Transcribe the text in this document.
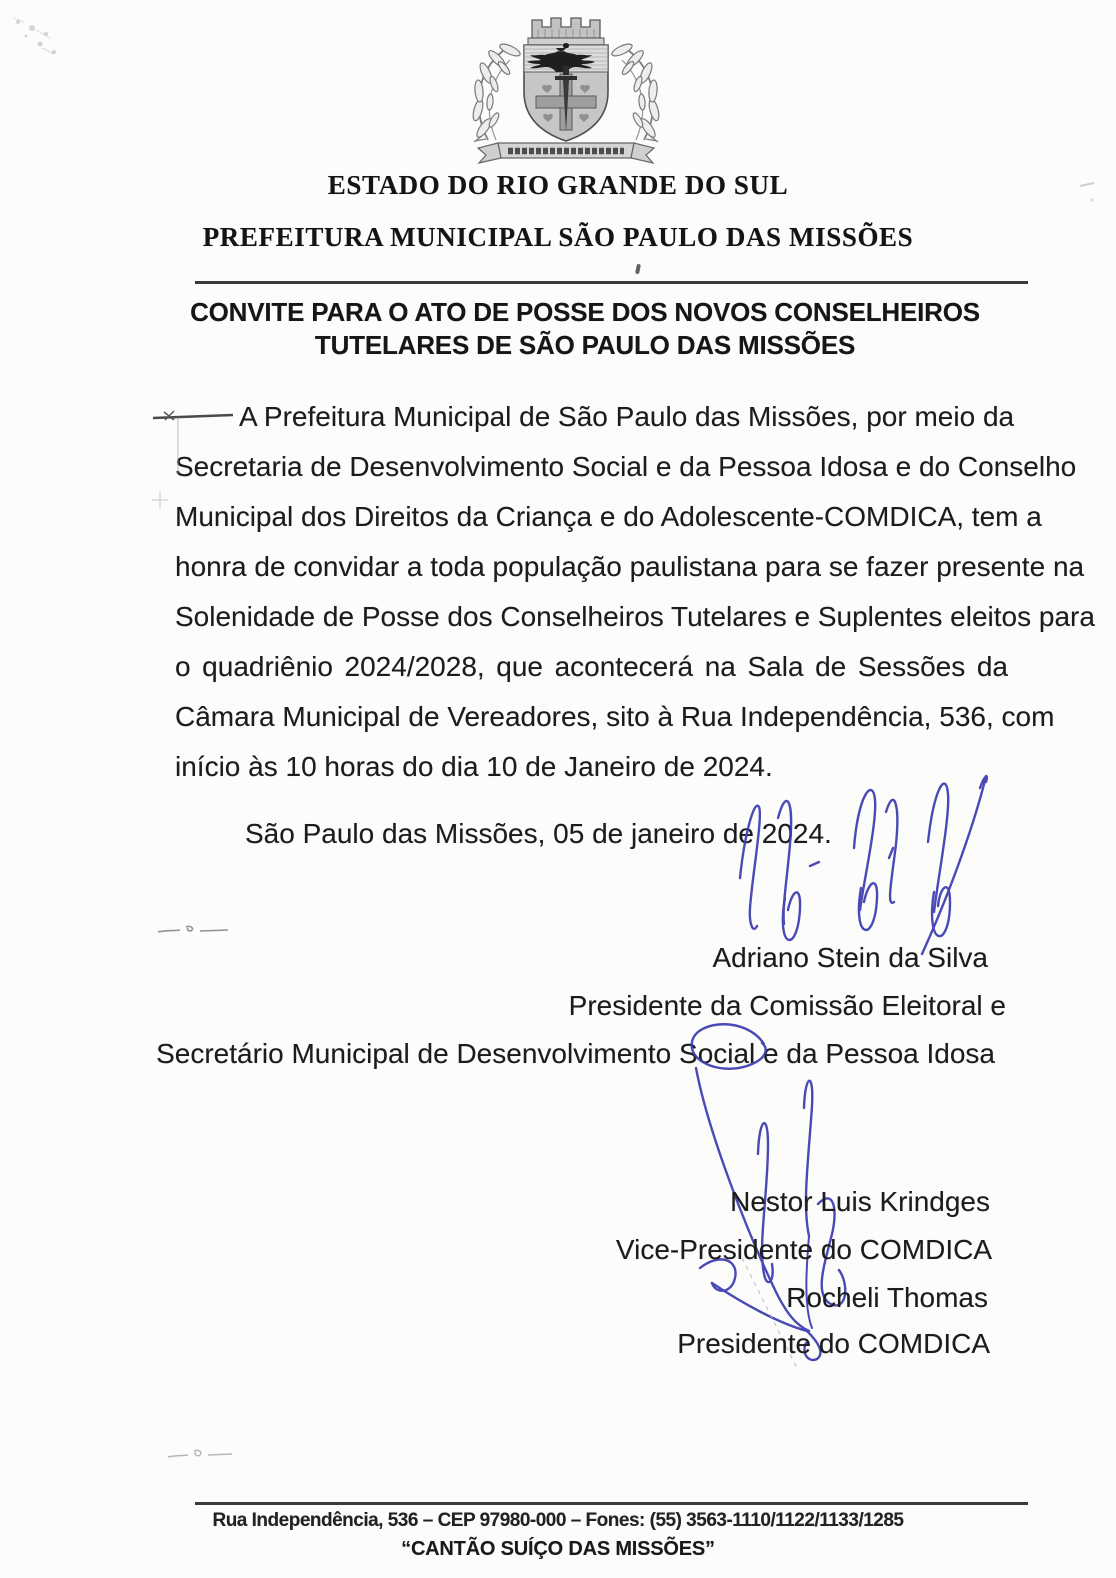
ESTADO DO RIO GRANDE DO SUL
PREFEITURA MUNICIPAL SÃO PAULO DAS MISSÕES
CONVITE PARA O ATO DE POSSE DOS NOVOS CONSELHEIROS
TUTELARES DE SÃO PAULO DAS MISSÕES
A Prefeitura Municipal de São Paulo das Missões, por meio da
Secretaria de Desenvolvimento Social e da Pessoa Idosa e do Conselho
Municipal dos Direitos da Criança e do Adolescente-COMDICA, tem a
honra de convidar a toda população paulistana para se fazer presente na
Solenidade de Posse dos Conselheiros Tutelares e Suplentes eleitos para
o quadriênio 2024/2028, que acontecerá na Sala de Sessões da
Câmara Municipal de Vereadores, sito à Rua Independência, 536, com
início às 10 horas do dia 10 de Janeiro de 2024.
São Paulo das Missões, 05 de janeiro de 2024.
Adriano Stein da Silva
Presidente da Comissão Eleitoral e
Secretário Municipal de Desenvolvimento Social e da Pessoa Idosa
Nestor Luis Krindges
Vice-Presidente do COMDICA
Rocheli Thomas
Presidente do COMDICA
Rua Independência, 536 – CEP 97980-000 – Fones: (55) 3563-1110/1122/1133/1285
“CANTÃO SUÍÇO DAS MISSÕES”
